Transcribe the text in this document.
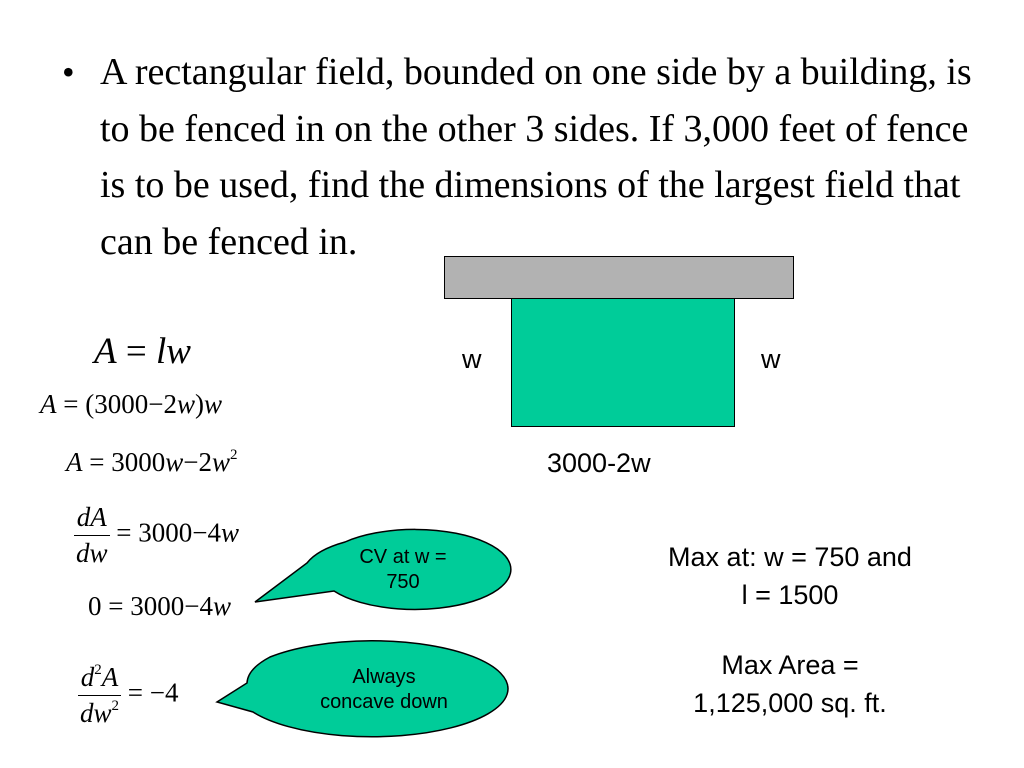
• A rectangular field, bounded on one side by a building, is to be fenced in on the other 3 sides. If 3,000 feet of fence is to be used, find the dimensions of the largest field that can be fenced in.
A = lw
A = (3000−2w)w
$A = 3000w-2w^2$
$\frac{dA}{dw} = 3000-4w$
0 = 3000−4w
$\frac{d^2A}{dw^2} = -4$
w	w
3000-2w
CV at w =
750
Always
concave down
Max at: w = 750 and
l = 1500
Max Area =
1,125,000 sq. ft.
